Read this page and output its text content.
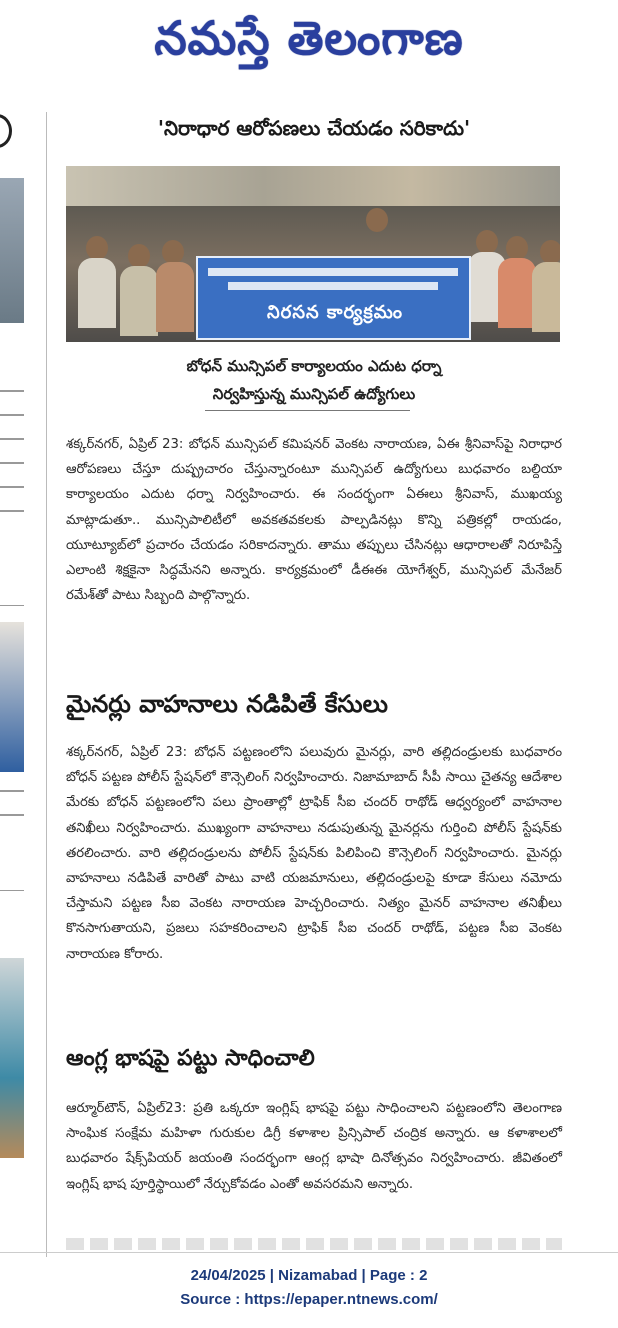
నమస్తే తెలంగాణ
'నిరాధార ఆరోపణలు చేయడం సరికాదు'
నిరసన కార్యక్రమం
బోధన్ మున్సిపల్ కార్యాలయం ఎదుట ధర్నా
నిర్వహిస్తున్న మున్సిపల్ ఉద్యోగులు
శక్కర్‌నగర్, ఏప్రిల్ 23: బోధన్ మున్సిపల్ కమిషనర్ వెంకట నారాయణ, ఏఈ శ్రీనివాస్‌పై నిరాధార ఆరోపణలు చేస్తూ దుష్ప్రచారం చేస్తున్నారంటూ మున్సిపల్ ఉద్యోగులు బుధవారం బల్దియా కార్యాలయం ఎదుట ధర్నా నిర్వహించారు. ఈ సందర్భంగా ఏఈలు శ్రీనివాస్, ముఖయ్య మాట్లాడుతూ.. మున్సిపాలిటీలో అవకతవకలకు పాల్పడినట్లు కొన్ని పత్రికల్లో రాయడం, యూట్యూబ్‌లో ప్రచారం చేయడం సరికాదన్నారు. తాము తప్పులు చేసినట్లు ఆధారాలతో నిరూపిస్తే ఎలాంటి శిక్షకైనా సిద్ధమేనని అన్నారు. కార్యక్రమంలో డీఈఈ యోగేశ్వర్, మున్సిపల్ మేనేజర్ రమేశ్‌తో పాటు సిబ్బంది పాల్గొన్నారు.
మైనర్లు వాహనాలు నడిపితే కేసులు
శక్కర్‌నగర్, ఏప్రిల్ 23: బోధన్ పట్టణంలోని పలువురు మైనర్లు, వారి తల్లిదండ్రులకు బుధవారం బోధన్ పట్టణ పోలీస్ స్టేషన్‌లో కౌన్సెలింగ్ నిర్వహించారు. నిజామాబాద్ సీపీ సాయి చైతన్య ఆదేశాల మేరకు బోధన్ పట్టణంలోని పలు ప్రాంతాల్లో ట్రాఫిక్ సీఐ చందర్ రాథోడ్ ఆధ్వర్యంలో వాహనాల తనిఖీలు నిర్వహించారు. ముఖ్యంగా వాహనాలు నడుపుతున్న మైనర్లను గుర్తించి పోలీస్ స్టేషన్‌కు తరలించారు. వారి తల్లిదండ్రులను పోలీస్ స్టేషన్‌కు పిలిపించి కౌన్సెలింగ్ నిర్వహించారు. మైనర్లు వాహనాలు నడిపితే వారితో పాటు వాటి యజమానులు, తల్లిదండ్రులపై కూడా కేసులు నమోదు చేస్తామని పట్టణ సీఐ వెంకట నారాయణ హెచ్చరించారు. నిత్యం మైనర్ వాహనాల తనిఖీలు కొనసాగుతాయని, ప్రజలు సహకరించాలని ట్రాఫిక్ సీఐ చందర్ రాథోడ్, పట్టణ సీఐ వెంకట నారాయణ కోరారు.
ఆంగ్ల భాషపై పట్టు సాధించాలి
ఆర్మూర్‌టౌన్, ఏప్రిల్23: ప్రతి ఒక్కరూ ఇంగ్లిష్ భాషపై పట్టు సాధించాలని పట్టణంలోని తెలంగాణ సాంఘిక సంక్షేమ మహిళా గురుకుల డిగ్రీ కళాశాల ప్రిన్సిపాల్ చంద్రిక అన్నారు. ఆ కళాశాలలో బుధవారం షేక్స్‌పియర్ జయంతి సందర్భంగా ఆంగ్ల భాషా దినోత్సవం నిర్వహించారు. జీవితంలో ఇంగ్లిష్ భాష పూర్తిస్థాయిలో నేర్చుకోవడం ఎంతో అవసరమని అన్నారు.
24/04/2025 | Nizamabad | Page : 2
Source : https://epaper.ntnews.com/
